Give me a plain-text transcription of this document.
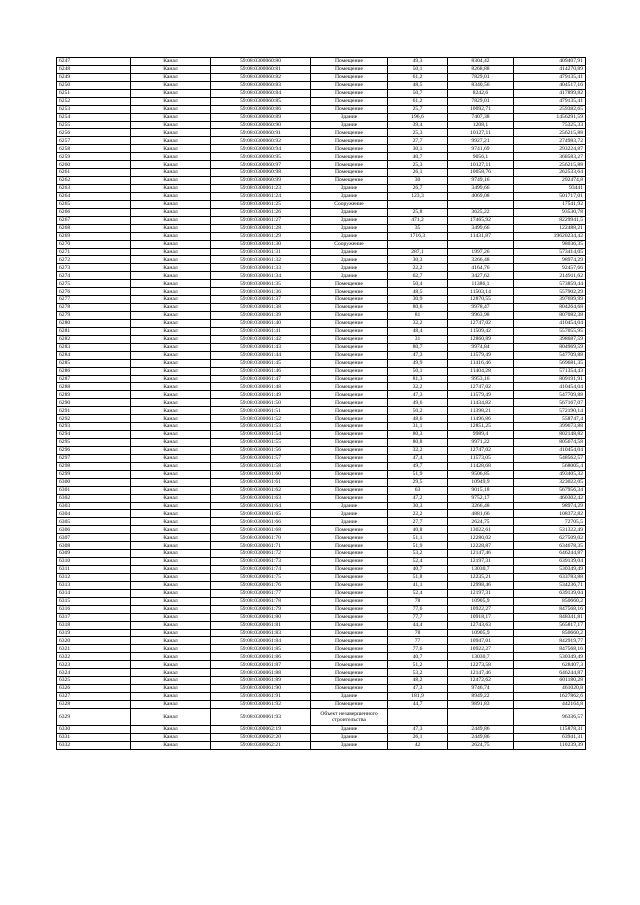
6247	Канал	59:08:0300060:80	Помещение	49,3	8304,42	409407,91
6248	Канал	59:08:0300060:81	Помещение	50,1	8268,88	414270,89
6249	Канал	59:08:0300060:82	Помещение	61,2	7829,01	479135,41
6250	Канал	59:08:0300060:83	Помещение	48,5	8340,56	404517,16
6251	Канал	59:08:0300060:84	Помещение	50,7	8242,6	417899,82
6252	Канал	59:08:0300060:85	Помещение	61,2	7829,01	479135,41
6253	Канал	59:08:0300060:86	Помещение	25,7	10092,71	259382,65
6254	Канал	59:08:0300060:89	Здание	196,6	7407,38	1456291,59
6255	Канал	59:08:0300060:90	Здание	39,4	1208,1	75325,33
6256	Канал	59:08:0300060:91	Помещение	25,3	10127,11	256215,88
6257	Канал	59:08:0300060:92	Помещение	27,7	9927,21	274983,72
6258	Канал	59:08:0300060:94	Помещение	30,1	9741,69	293224,87
6259	Канал	59:08:0300060:95	Помещение	40,7	9056,1	368583,27
6260	Канал	59:08:0300060:97	Помещение	25,3	10127,11	256215,88
6261	Канал	59:08:0300060:98	Помещение	26,1	10058,76	262533,64
6262	Канал	59:08:0300060:99	Помещение	30	9749,16	292474,8
6263	Канал	59:08:0300061:23	Здание	26,7	3499,66	93441
6264	Канал	59:08:0300061:24	Здание	123,3	4069,08	501717,01
6265	Канал	59:08:0300061:25	Сооружение			17541,92
6266	Канал	59:08:0300061:26	Здание	25,8	3625,22	93530,78
6267	Канал	59:08:0300061:27	Здание	471,2	17465,92	8229941,5
6268	Канал	59:08:0300061:28	Здание	35	3499,66	122488,21
6269	Канал	59:08:0300061:29	Здание	1716,3	11431,87	19620234,42
6270	Канал	59:08:0300061:30	Сооружение			98036,35
6271	Канал	59:08:0300061:31	Здание	287,1	1997,26	573414,05
6272	Канал	59:08:0300061:32	Здание	30,3	3266,48	98974,29
6273	Канал	59:08:0300061:33	Здание	22,2	4164,76	92457,66
6274	Канал	59:08:0300061:34	Здание	62,7	3427,62	214911,62
6275	Канал	59:08:0300061:35	Помещение	50,4	11386,1	573859,44
6276	Канал	59:08:0300061:36	Помещение	48,5	11503,14	557902,29
6277	Канал	59:08:0300061:37	Помещение	30,9	12870,55	397699,99
6278	Канал	59:08:0300061:38	Помещение	80,6	9978,47	804264,68
6279	Канал	59:08:0300061:39	Помещение	81	9963,98	807082,38
6280	Канал	59:08:0300061:40	Помещение	32,2	12747,02	410454,04
6281	Канал	59:08:0300061:41	Помещение	48,4	11509,42	557055,95
6282	Канал	59:08:0300061:42	Помещение	31	12860,89	398687,59
6283	Канал	59:08:0300061:43	Помещение	80,7	9974,84	804969,59
6284	Канал	59:08:0300061:44	Помещение	47,3	11579,49	547709,88
6285	Канал	59:08:0300061:45	Помещение	49,9	11416,46	569681,35
6286	Канал	59:08:0300061:46	Помещение	50,1	11404,28	571354,43
6287	Канал	59:08:0300061:47	Помещение	81,3	9953,16	809191,91
6288	Канал	59:08:0300061:48	Помещение	32,2	12747,02	410454,04
6289	Канал	59:08:0300061:49	Помещение	47,3	11579,49	547709,88
6290	Канал	59:08:0300061:50	Помещение	49,6	11434,82	567167,07
6291	Канал	59:08:0300061:51	Помещение	50,2	11398,21	572190,14
6292	Канал	59:08:0300061:52	Помещение	48,6	11496,86	558747,4
6293	Канал	59:08:0300061:53	Помещение	31,1	12851,25	399673,88
6294	Канал	59:08:0300061:54	Помещение	80,3	9989,4	802148,82
6295	Канал	59:08:0300061:55	Помещение	80,8	9971,22	805674,58
6296	Канал	59:08:0300061:56	Помещение	32,2	12747,02	410454,04
6297	Канал	59:08:0300061:57	Помещение	47,4	11573,05	548562,57
6298	Канал	59:08:0300061:58	Помещение	49,7	11428,68	568005,4
6299	Канал	59:08:0300061:60	Помещение	51,9	9506,85	493405,32
6300	Канал	59:08:0300061:61	Помещение	29,5	10949,9	323022,05
6301	Канал	59:08:0300061:62	Помещение	63	9015,18	567956,34
6302	Канал	59:08:0300061:63	Помещение	47,2	9752,17	460302,42
6303	Канал	59:08:0300061:64	Здание	30,3	3266,48	98974,29
6304	Канал	59:08:0300061:65	Здание	22,2	4881,66	108372,82
6305	Канал	59:08:0300061:66	Здание	27,7	2624,75	72705,5
6306	Канал	59:08:0300061:68	Помещение	40,8	13022,61	531322,49
6307	Канал	59:08:0300061:70	Помещение	51,1	12280,02	627509,02
6308	Канал	59:08:0300061:71	Помещение	51,9	12228,87	634678,35
6309	Канал	59:08:0300061:72	Помещение	53,2	12147,46	646244,87
6310	Канал	59:08:0300061:73	Помещение	52,4	12197,31	639139,04
6311	Канал	59:08:0300061:74	Помещение	40,7	13030,7	530349,49
6312	Канал	59:08:0300061:75	Помещение	51,8	12235,21	633783,88
6313	Канал	59:08:0300061:76	Помещение	41,1	12998,46	534236,71
6314	Канал	59:08:0300061:77	Помещение	52,4	12197,31	639139,04
6315	Канал	59:08:0300061:78	Помещение	78	10905,9	850660,2
6316	Канал	59:08:0300061:79	Помещение	77,6	10922,27	847568,16
6317	Канал	59:08:0300061:80	Помещение	77,7	10918,17	848341,81
6318	Канал	59:08:0300061:81	Помещение	44,4	12743,63	565817,17
6319	Канал	59:08:0300061:83	Помещение	78	10905,9	850660,2
6320	Канал	59:08:0300061:84	Помещение	77	10947,01	842919,77
6321	Канал	59:08:0300061:85	Помещение	77,6	10922,27	847568,16
6322	Канал	59:08:0300061:86	Помещение	40,7	13030,7	530349,49
6323	Канал	59:08:0300061:87	Помещение	51,2	12273,58	628407,3
6324	Канал	59:08:0300061:88	Помещение	53,2	12147,46	646244,87
6325	Канал	59:08:0300061:89	Помещение	48,2	12472,62	601180,28
6326	Канал	59:08:0300061:90	Помещение	47,3	9746,74	461020,8
6327	Канал	59:08:0300061:91	Здание	181,9	8949,22	1627862,6
6328	Канал	59:08:0300061:92	Помещение	44,7	9891,83	442164,8
6329	Канал	59:08:0300061:93	Объект незавершенного строительства			96336,57
6330	Канал	59:08:0300062:19	Здание	47,3	2449,86	115878,31
6331	Канал	59:08:0300062:20	Здание	26,1	2449,86	63941,31
6332	Канал	59:08:0300062:21	Здание	42	2624,75	110239,39
